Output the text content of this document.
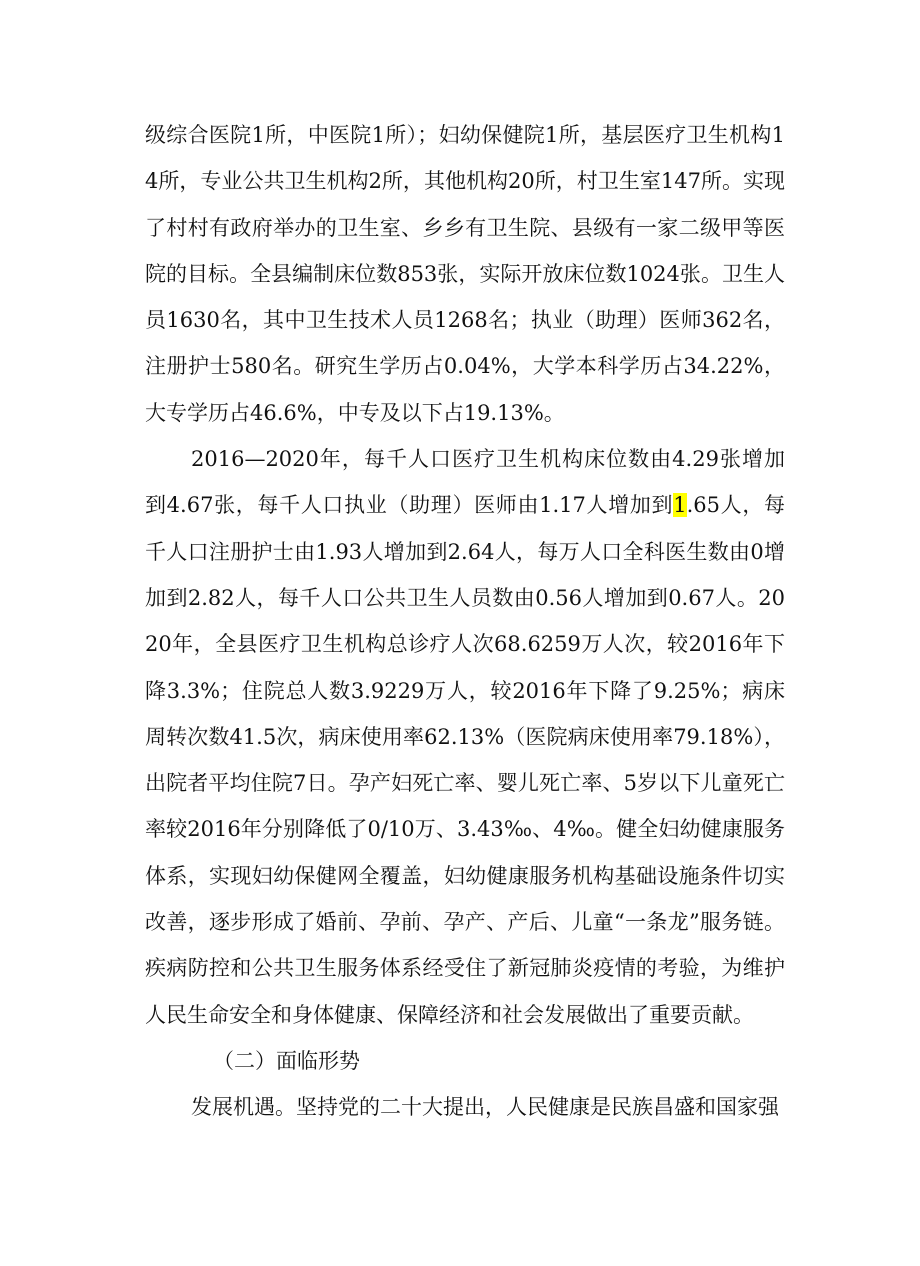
级综合医院1所，中医院1所）；妇幼保健院1所，基层医疗卫生机构14所，专业公共卫生机构2所，其他机构20所，村卫生室147所。实现了村村有政府举办的卫生室、乡乡有卫生院、县级有一家二级甲等医院的目标。全县编制床位数853张，实际开放床位数1024张。卫生人员1630名，其中卫生技术人员1268名；执业（助理）医师362名，注册护士580名。研究生学历占0.04%，大学本科学历占34.22%，大专学历占46.6%，中专及以下占19.13%。

2016—2020年，每千人口医疗卫生机构床位数由4.29张增加到4.67张，每千人口执业（助理）医师由1.17人增加到1.65人，每千人口注册护士由1.93人增加到2.64人，每万人口全科医生数由0增加到2.82人，每千人口公共卫生人员数由0.56人增加到0.67人。2020年，全县医疗卫生机构总诊疗人次68.6259万人次，较2016年下降3.3%；住院总人数3.9229万人，较2016年下降了9.25%；病床周转次数41.5次，病床使用率62.13%（医院病床使用率79.18%），出院者平均住院7日。孕产妇死亡率、婴儿死亡率、5岁以下儿童死亡率较2016年分别降低了0/10万、3.43‰、4‰。健全妇幼健康服务体系，实现妇幼保健网全覆盖，妇幼健康服务机构基础设施条件切实改善，逐步形成了婚前、孕前、孕产、产后、儿童“一条龙”服务链。疾病防控和公共卫生服务体系经受住了新冠肺炎疫情的考验，为维护人民生命安全和身体健康、保障经济和社会发展做出了重要贡献。

（二）面临形势

发展机遇。坚持党的二十大提出，人民健康是民族昌盛和国家强
